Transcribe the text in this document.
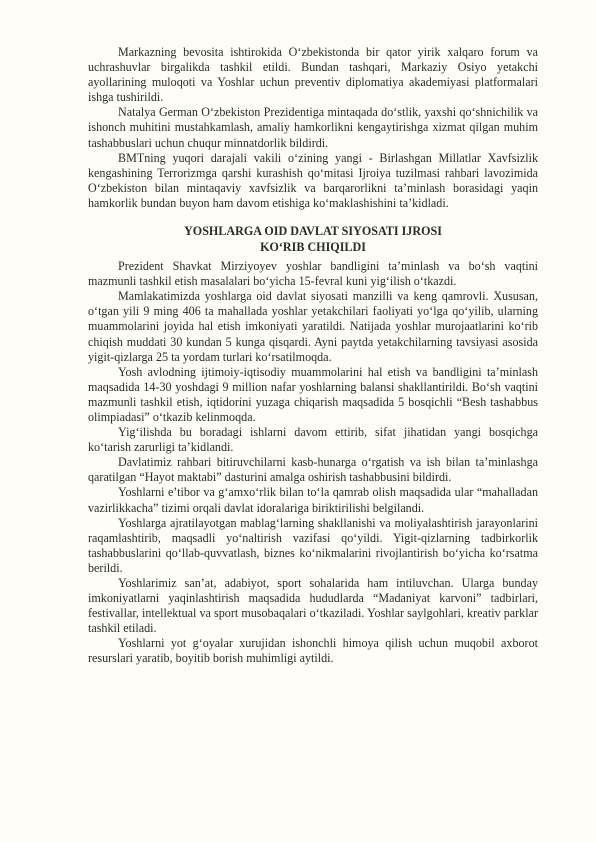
Markazning bevosita ishtirokida O‘zbekistonda bir qator yirik xalqaro forum va uchrashuvlar birgalikda tashkil etildi. Bundan tashqari, Markaziy Osiyo yetakchi ayollarining muloqoti va Yoshlar uchun preventiv diplomatiya akademiyasi platformalari ishga tushirildi.

Natalya German O‘zbekiston Prezidentiga mintaqada do‘stlik, yaxshi qo‘shnichilik va ishonch muhitini mustahkamlash, amaliy hamkorlikni kengaytirishga xizmat qilgan muhim tashabbuslari uchun chuqur minnatdorlik bildirdi.

BMTning yuqori darajali vakili o‘zining yangi - Birlashgan Millatlar Xavfsizlik kengashining Terrorizmga qarshi kurashish qo‘mitasi Ijroiya tuzilmasi rahbari lavozimida O‘zbekiston bilan mintaqaviy xavfsizlik va barqarorlikni ta’minlash borasidagi yaqin hamkorlik bundan buyon ham davom etishiga ko‘maklashishini ta’kidladi.

YOSHLARGA OID DAVLAT SIYOSATI IJROSI
KO‘RIB CHIQILDI

Prezident Shavkat Mirziyoyev yoshlar bandligini ta’minlash va bo‘sh vaqtini mazmunli tashkil etish masalalari bo‘yicha 15-fevral kuni yig‘ilish o‘tkazdi.

Mamlakatimizda yoshlarga oid davlat siyosati manzilli va keng qamrovli. Xususan, o‘tgan yili 9 ming 406 ta mahallada yoshlar yetakchilari faoliyati yo‘lga qo‘yilib, ularning muammolarini joyida hal etish imkoniyati yaratildi. Natijada yoshlar murojaatlarini ko‘rib chiqish muddati 30 kundan 5 kunga qisqardi. Ayni paytda yetakchilarning tavsiyasi asosida yigit-qizlarga 25 ta yordam turlari ko‘rsatilmoqda.

Yosh avlodning ijtimoiy-iqtisodiy muammolarini hal etish va bandligini ta’minlash maqsadida 14-30 yoshdagi 9 million nafar yoshlarning balansi shakllantirildi. Bo‘sh vaqtini mazmunli tashkil etish, iqtidorini yuzaga chiqarish maqsadida 5 bosqichli “Besh tashabbus olimpiadasi” o‘tkazib kelinmoqda.

Yig‘ilishda bu boradagi ishlarni davom ettirib, sifat jihatidan yangi bosqichga ko‘tarish zarurligi ta’kidlandi.

Davlatimiz rahbari bitiruvchilarni kasb-hunarga o‘rgatish va ish bilan ta’minlashga qaratilgan “Hayot maktabi” dasturini amalga oshirish tashabbusini bildirdi.

Yoshlarni e’tibor va g‘amxo‘rlik bilan to‘la qamrab olish maqsadida ular “mahalladan vazirlikkacha” tizimi orqali davlat idoralariga biriktirilishi belgilandi.

Yoshlarga ajratilayotgan mablag‘larning shakllanishi va moliyalashtirish jarayonlarini raqamlashtirib, maqsadli yo‘naltirish vazifasi qo‘yildi. Yigit-qizlarning tadbirkorlik tashabbuslarini qo‘llab-quvvatlash, biznes ko‘nikmalarini rivojlantirish bo‘yicha ko‘rsatma berildi.

Yoshlarimiz san’at, adabiyot, sport sohalarida ham intiluvchan. Ularga bunday imkoniyatlarni yaqinlashtirish maqsadida hududlarda “Madaniyat karvoni” tadbirlari, festivallar, intellektual va sport musobaqalari o‘tkaziladi. Yoshlar saylgohlari, kreativ parklar tashkil etiladi.

Yoshlarni yot g‘oyalar xurujidan ishonchli himoya qilish uchun muqobil axborot resurslari yaratib, boyitib borish muhimligi aytildi.
